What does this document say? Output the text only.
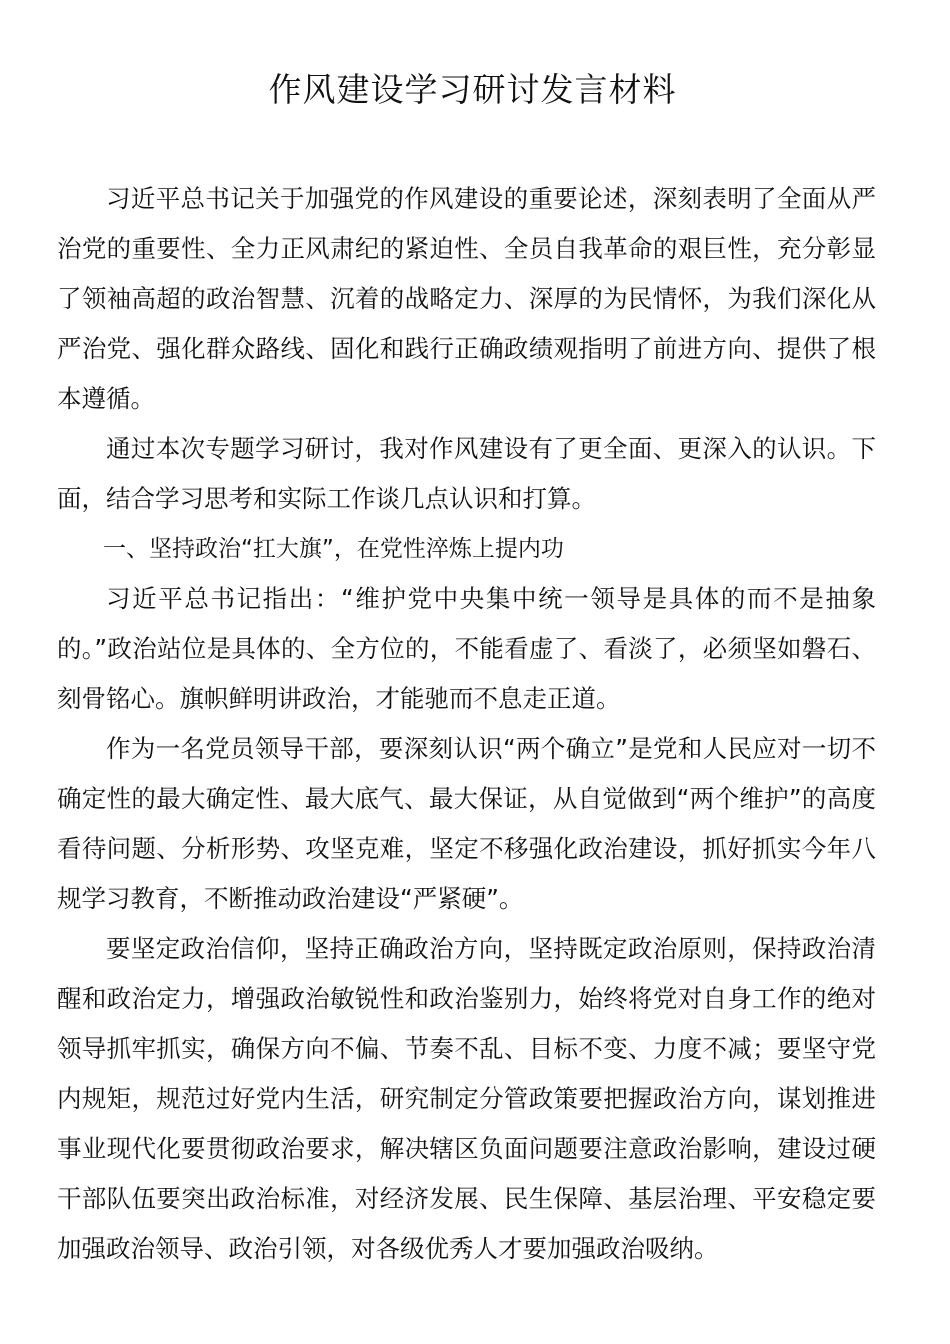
作风建设学习研讨发言材料

习近平总书记关于加强党的作风建设的重要论述，深刻表明了全面从严治党的重要性、全力正风肃纪的紧迫性、全员自我革命的艰巨性，充分彰显了领袖高超的政治智慧、沉着的战略定力、深厚的为民情怀，为我们深化从严治党、强化群众路线、固化和践行正确政绩观指明了前进方向、提供了根本遵循。

通过本次专题学习研讨，我对作风建设有了更全面、更深入的认识。下面，结合学习思考和实际工作谈几点认识和打算。

一、坚持政治“扛大旗”，在党性淬炼上提内功

习近平总书记指出：“维护党中央集中统一领导是具体的而不是抽象的。”政治站位是具体的、全方位的，不能看虚了、看淡了，必须坚如磐石、刻骨铭心。旗帜鲜明讲政治，才能驰而不息走正道。

作为一名党员领导干部，要深刻认识“两个确立”是党和人民应对一切不确定性的最大确定性、最大底气、最大保证，从自觉做到“两个维护”的高度看待问题、分析形势、攻坚克难，坚定不移强化政治建设，抓好抓实今年八规学习教育，不断推动政治建设“严紧硬”。

要坚定政治信仰，坚持正确政治方向，坚持既定政治原则，保持政治清醒和政治定力，增强政治敏锐性和政治鉴别力，始终将党对自身工作的绝对领导抓牢抓实，确保方向不偏、节奏不乱、目标不变、力度不减；要坚守党内规矩，规范过好党内生活，研究制定分管政策要把握政治方向，谋划推进事业现代化要贯彻政治要求，解决辖区负面问题要注意政治影响，建设过硬干部队伍要突出政治标准，对经济发展、民生保障、基层治理、平安稳定要加强政治领导、政治引领，对各级优秀人才要加强政治吸纳。
